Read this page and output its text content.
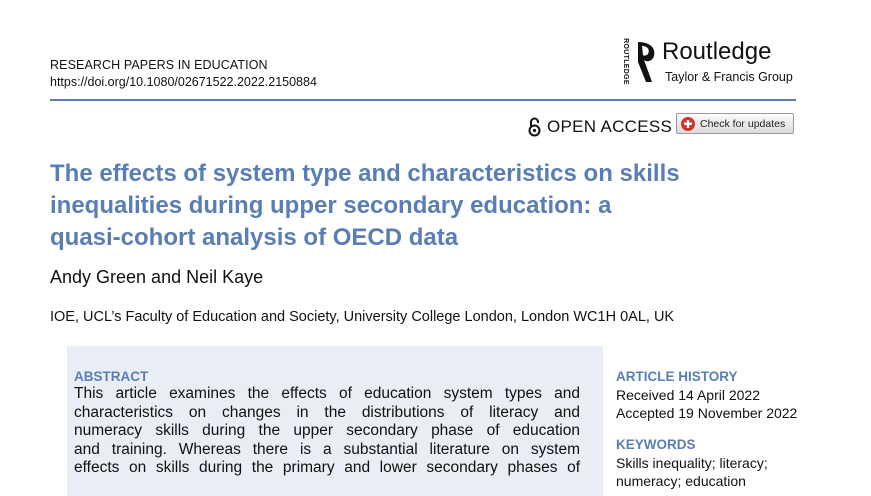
RESEARCH PAPERS IN EDUCATION
https://doi.org/10.1080/02671522.2022.2150884	ROUTLEDGE Routledge
Taylor & Francis Group
OPEN ACCESS	Check for updates
The effects of system type and characteristics on skills
inequalities during upper secondary education: a
quasi-cohort analysis of OECD data
Andy Green and Neil Kaye
IOE, UCL’s Faculty of Education and Society, University College London, London WC1H 0AL, UK
ABSTRACT
This article examines the effects of education system types and
characteristics on changes in the distributions of literacy and
numeracy skills during the upper secondary phase of education
and training. Whereas there is a substantial literature on system
effects on skills during the primary and lower secondary phases of
ARTICLE HISTORY
Received 14 April 2022
Accepted 19 November 2022
KEYWORDS
Skills inequality; literacy;
numeracy; education
